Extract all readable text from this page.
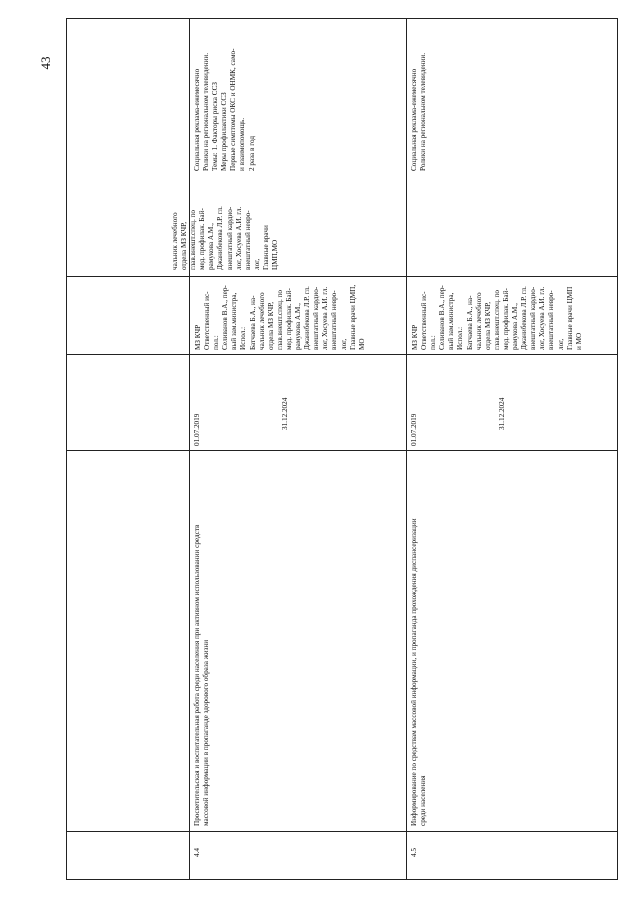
43
чальник лечебного
отдела МЗ КЧР,
глав.внешт.спец. по
мед. профилак. Бай-
рамукова А.М.,
Джанибекова Л.Р. гл.
внештатный кардио-
лог, Хосуева А.И. гл.
внештатный невро-
лог,
Главные врачи
ЦМП,МО
Социальная реклама-ежемесячно
Ролики на региональном телевидении.
Темы: 1. Факторы риска ССЗ
Меры профилактики ССЗ
Первые симптомы ОКС и ОНМК, само-
и взаимопомощь.
2 раза в год
МЗ КЧР
Ответственный ис-
пол.:
Селиванов В.А., пер-
вый зам.министра,
Испол.:
Батчаева Б.А., на-
чальник лечебного
отдела МЗ КЧР,
глав.внешт.спец. по
мед. профилак. Бай-
рамукова А.М.,
Джанибекова Л.Р. гл.
внештатный кардио-
лог, Хосуева А.И. гл.
внештатный невро-
лог,
Главные врачи ЦМП,
МО
31.12.2024
Просветительская и воспитательная работа среди населения при активном использовании средств
массовой информации в пропаганде здорового образа жизни
4.4
Социальная реклама-ежемесячно
Ролики на региональном телевидении.
МЗ КЧР
Ответственный ис-
пол.:
Селиванов В.А., пер-
вый зам.министра,
Испол.:
Батчаева Б.А., на-
чальник лечебного
отдела МЗ КЧР,
глав.внешт.спец. по
мед. профилак. Бай-
рамукова А.М.,
Джанибекова Л.Р. гл.
внештатный кардио-
лог, Хосуева А.И. гл.
внештатный невро-
лог,
Главные врачи ЦМП
и МО
31.12.2024
Информирование по средствам массовой информации, и пропаганда прохождения диспансеризации
среди населения
4.5
01.07.2019	01.07.2019
